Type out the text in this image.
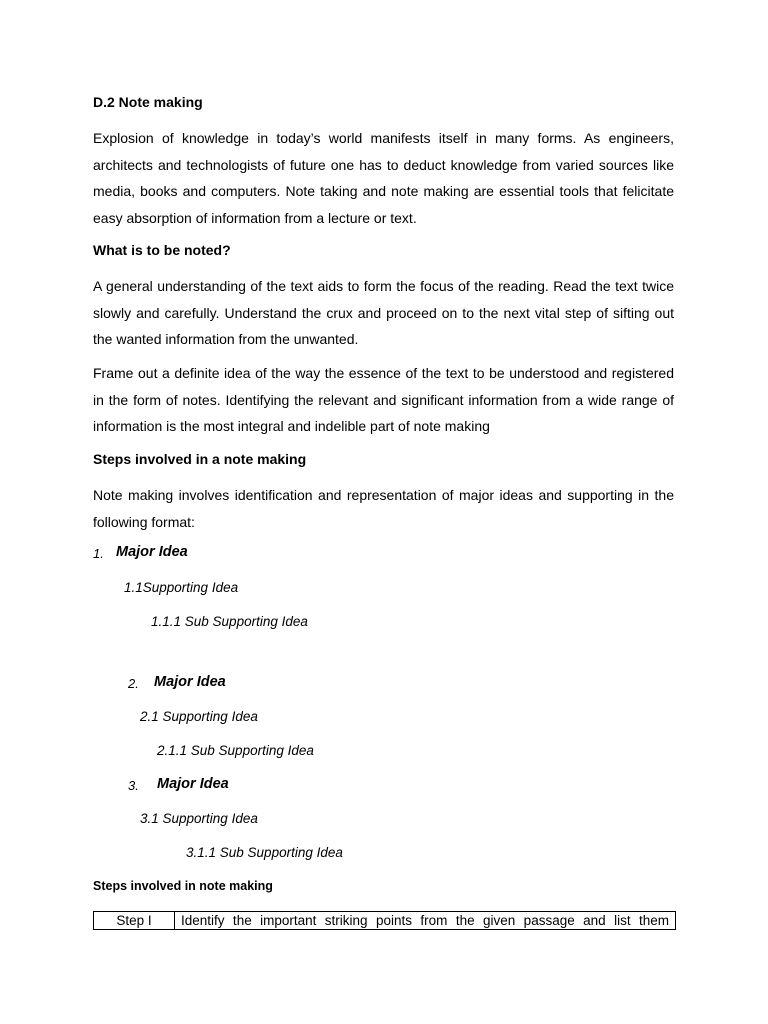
D.2 Note making
Explosion of knowledge in today’s world manifests itself in many forms. As engineers, architects and technologists of future one has to deduct knowledge from varied sources like media, books and computers. Note taking and note making are essential tools that felicitate easy absorption of information from a lecture or text.
What is to be noted?
A general understanding of the text aids to form the focus of the reading. Read the text twice slowly and carefully. Understand the crux and proceed on to the next vital step of sifting out the wanted information from the unwanted.
Frame out a definite idea of the way the essence of the text to be understood and registered in the form of notes. Identifying the relevant and significant information from a wide range of information is the most integral and indelible part of note making
Steps involved in a note making
Note making involves identification and representation of major ideas and supporting in the following format:
1. Major Idea
1.1Supporting Idea
1.1.1 Sub Supporting Idea
2. Major Idea
2.1 Supporting Idea
2.1.1 Sub Supporting Idea
3. Major Idea
3.1 Supporting Idea
3.1.1 Sub Supporting Idea
Steps involved in note making
Step I	Identify the important striking points from the given passage and list them
